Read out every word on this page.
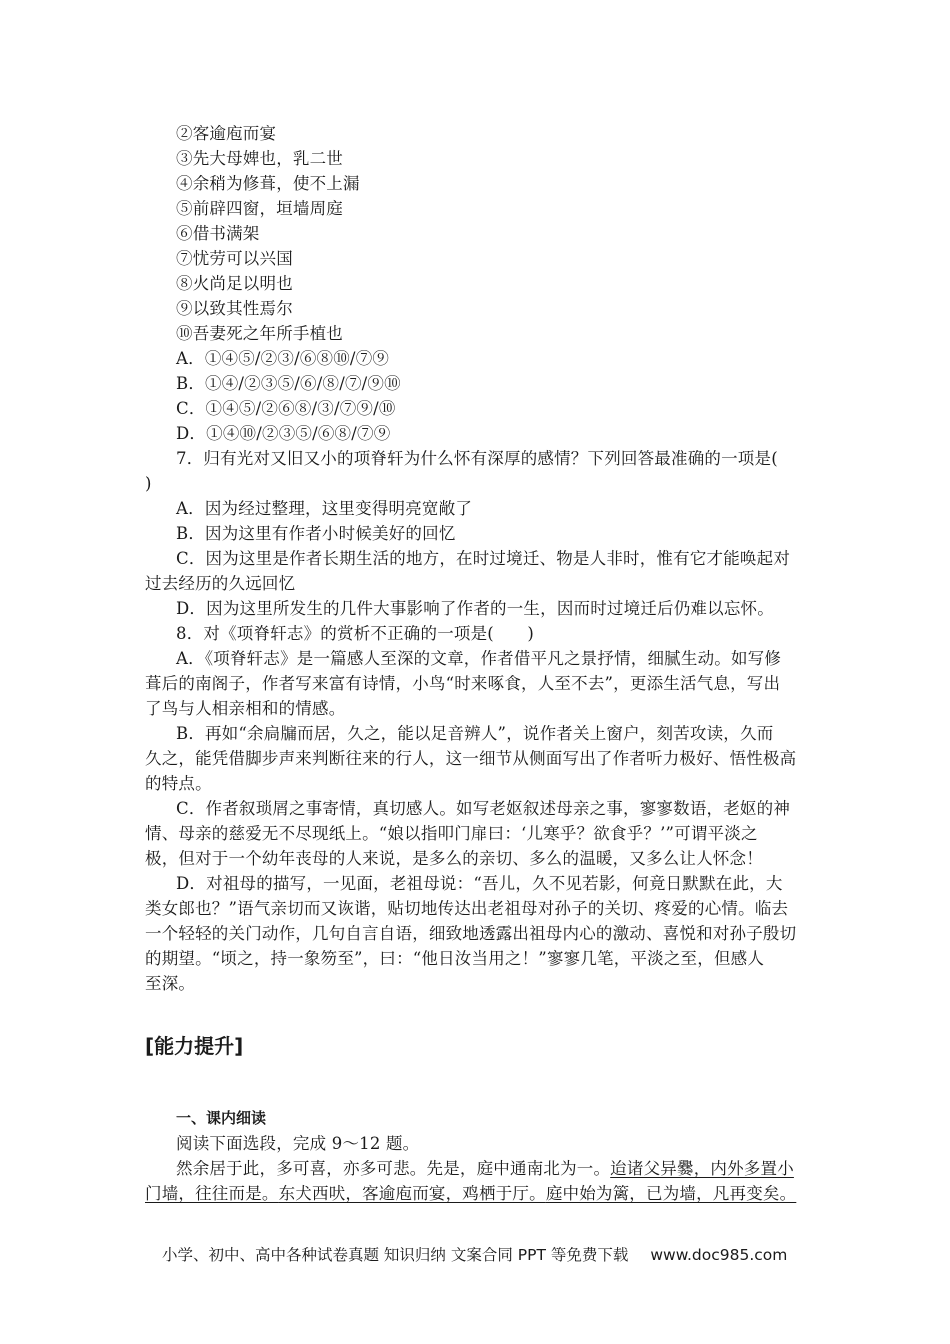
②客逾庖而宴
③先大母婢也，乳二世
④余稍为修葺，使不上漏
⑤前辟四窗，垣墙周庭
⑥借书满架
⑦忧劳可以兴国
⑧火尚足以明也
⑨以致其性焉尔
⑩吾妻死之年所手植也
A．①④⑤/②③/⑥⑧⑩/⑦⑨
B．①④/②③⑤/⑥/⑧/⑦/⑨⑩
C．①④⑤/②⑥⑧/③/⑦⑨/⑩
D．①④⑩/②③⑤/⑥⑧/⑦⑨
7．归有光对又旧又小的项脊轩为什么怀有深厚的感情？下列回答最准确的一项是(
)
A．因为经过整理，这里变得明亮宽敞了
B．因为这里有作者小时候美好的回忆
C．因为这里是作者长期生活的地方，在时过境迁、物是人非时，惟有它才能唤起对
过去经历的久远回忆
D．因为这里所发生的几件大事影响了作者的一生，因而时过境迁后仍难以忘怀。
8．对《项脊轩志》的赏析不正确的一项是(　　)
A．《项脊轩志》是一篇感人至深的文章，作者借平凡之景抒情，细腻生动。如写修
葺后的南阁子，作者写来富有诗情，小鸟“时来啄食，人至不去”，更添生活气息，写出
了鸟与人相亲相和的情感。
B．再如“余扃牖而居，久之，能以足音辨人”，说作者关上窗户，刻苦攻读，久而
久之，能凭借脚步声来判断往来的行人，这一细节从侧面写出了作者听力极好、悟性极高
的特点。
C．作者叙琐屑之事寄情，真切感人。如写老妪叙述母亲之事，寥寥数语，老妪的神
情、母亲的慈爱无不尽现纸上。“娘以指叩门扉曰：‘儿寒乎？欲食乎？’”可谓平淡之
极，但对于一个幼年丧母的人来说，是多么的亲切、多么的温暖，又多么让人怀念！
D．对祖母的描写，一见面，老祖母说：“吾儿，久不见若影，何竟日默默在此，大
类女郎也？”语气亲切而又诙谐，贴切地传达出老祖母对孙子的关切、疼爱的心情。临去
一个轻轻的关门动作，几句自言自语，细致地透露出祖母内心的激动、喜悦和对孙子殷切
的期望。“顷之，持一象笏至”，曰：“他日汝当用之！”寥寥几笔，平淡之至，但感人
至深。
[能力提升]
一、课内细读
阅读下面选段，完成 9～12 题。
然余居于此，多可喜，亦多可悲。先是，庭中通南北为一。迨诸父异爨，内外多置小
门墙，往往而是。东犬西吠，客逾庖而宴，鸡栖于厅。庭中始为篱，已为墙，凡再变矣。
小学、初中、高中各种试卷真题 知识归纳 文案合同 PPT 等免费下载 www.doc985.com
